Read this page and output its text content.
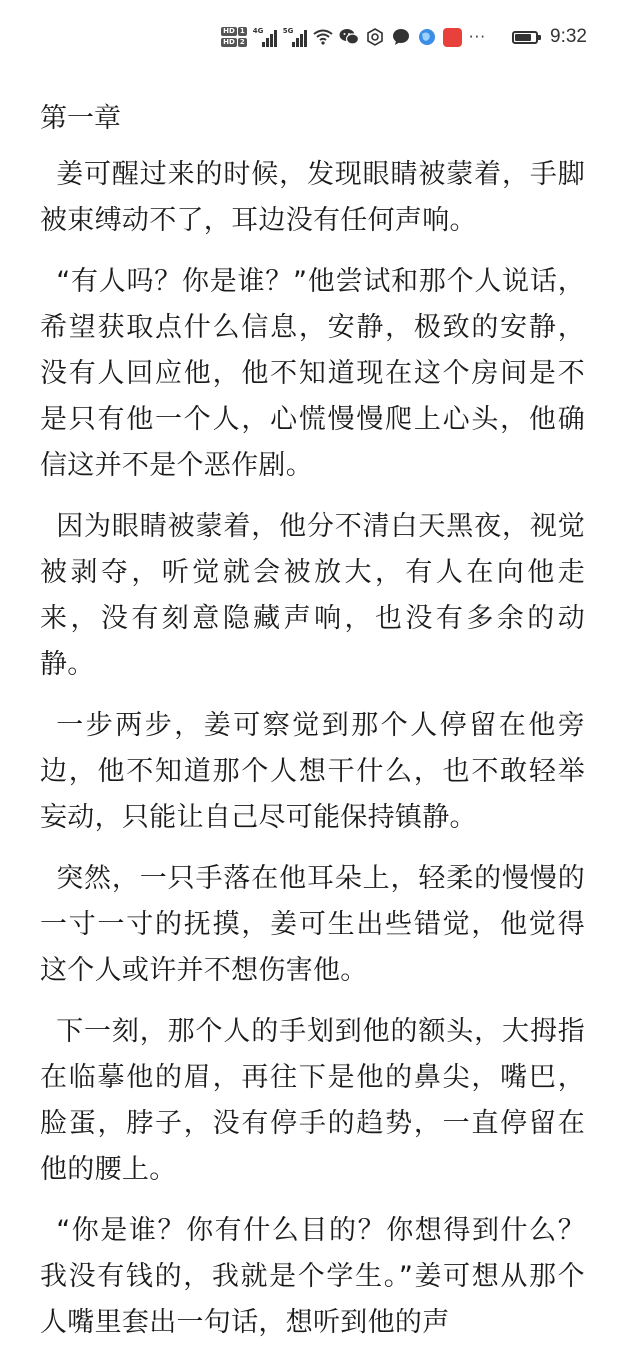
HD 1
HD 2
4G	5G	···	9:32
第一章

姜可醒过来的时候，发现眼睛被蒙着，手脚被束缚动不了，耳边没有任何声响。

“有人吗？你是谁？”他尝试和那个人说话，希望获取点什么信息，安静，极致的安静，没有人回应他，他不知道现在这个房间是不是只有他一个人，心慌慢慢爬上心头，他确信这并不是个恶作剧。

因为眼睛被蒙着，他分不清白天黑夜，视觉被剥夺，听觉就会被放大，有人在向他走来，没有刻意隐藏声响，也没有多余的动静。

一步两步，姜可察觉到那个人停留在他旁边，他不知道那个人想干什么，也不敢轻举妄动，只能让自己尽可能保持镇静。

突然，一只手落在他耳朵上，轻柔的慢慢的一寸一寸的抚摸，姜可生出些错觉，他觉得这个人或许并不想伤害他。

下一刻，那个人的手划到他的额头，大拇指在临摹他的眉，再往下是他的鼻尖，嘴巴，脸蛋，脖子，没有停手的趋势，一直停留在他的腰上。

“你是谁？你有什么目的？你想得到什么？我没有钱的，我就是个学生。”姜可想从那个人嘴里套出一句话，想听到他的声
